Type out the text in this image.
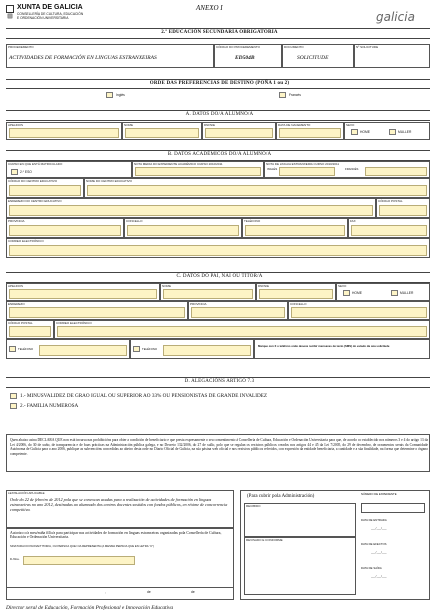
XUNTA DE GALICIA
CONSELLERÍA DE CULTURA, EDUCACIÓN
E ORDENACIÓN UNIVERSITARIA
ANEXO I
galicia
2.º EDUCACIÓN SECUNDARIA OBRIGATORIA
PROCEDEMENTO
ACTIVIDADES DE FORMACIÓN EN LINGUAS ESTRANXEIRAS
CÓDIGO DO PROCEDEMENTO
ED504B
DOCUMENTO
SOLICITUDE
Nº SOLICITUDE
ORDE DAS PREFERENCIAS DE DESTINO (POÑA 1 ou 2)
Inglés	Francés
A. DATOS DO/A ALUMNO/A
APELIDOS	NOME	DNI/NIE	DATA DE NACEMENTO	SEXO
HOME	MULLER
B. DATOS ACADÉMICOS DO/A ALUMNO/A
CURSO EN QUE ESTÁ MATRICULADO
2.º ESO
NOTA MEDIA DO EXPEDIENTE ACADÉMICO CURSO 2010/2011	NOTA DE LINGUA ESTRANXEIRA CURSO 2010/2011
INGLÉS	FRANCÉS
CÓDIGO DO CENTRO EDUCATIVO	NOME DO CENTRO EDUCATIVO
ENDEREZO DO CENTRO EDUCATIVO	CÓDIGO POSTAL
PROVINCIA	CONCELLO	TELÉFONO	FAX
CORREO ELECTRÓNICO
C. DATOS DO PAI, NAI OU TITOR/A
APELIDOS	NOME	DNI/NIE	SEXO
HOME	MULLER
ENDEREZO	PROVINCIA	CONCELLO
CÓDIGO POSTAL	CORREO ELECTRÓNICO
TELÉFONO	TELÉFONO
Marque cun X o teléfono onde desexe recibir mensaxes de texto (SMS) do estado da súa solicitude
D. ALEGACIÓNS ARTIGO 7.3
1.- MINUSVALIDEZ DE GRAO IGUAL OU SUPERIOR AO 33% OU PENSIONISTAS DE GRANDE INVALIDEZ
2.- FAMILIA NUMEROSA
Quen abaixo asina DECLARA QUE non está incursa nas prohibicións para obter a condición de beneficiario e que presta expresamente o seu consentimento á Consellería de Cultura, Educación e Ordenación Universitaria para que, de acordo co establecido nos números 3 e 4 do artigo 13 da Lei 4/2006, do 30 de xuño, de transparencia e de boas prácticas na Administración pública galega, e no Decreto 132/2006, do 27 de xullo, polo que se regulan os rexistros públicos creados nos artigos 44 e 45 da Lei 7/2005, do 29 de decembro, de orzamentos xerais da Comunidade Autónoma de Galicia para o ano 2006, publique as subvencións concedidas ao abeiro desta orde no Diario Oficial de Galicia, na súa páxina web oficial e nos rexistros públicos referidos, con expresión da entidade beneficiaria, a cantidade e a súa finalidade, na forma que determine o órgano competente.
LEXISLACIÓN APLICABLE
Orde do 22 de febreiro de 2012 pola que se convocan axudas para a realización de actividades de formación en linguas estranxeiras no ano 2012, destinadas ao alumnado dos centros docentes sostidos con fondos públicos, en réxime de concorrencia competitiva.
Autorizo o/a meu/miña fillo/a para participar nas actividades de formación en linguas estranxeiras organizadas pola Consellería de Cultura, Educación e Ordenación Universitaria.
SINATURA DO PAI/NAI/TITOR/A, OU PERSOA QUE/ OA REPRESENTA (A MESMA PERSOA QUE EN LETRA “C”)
D./Dna.
,	de	de
(Para cubrir pola Administración)
RECIBIDO
REVISADO E CONFORME
NÚMERO DE EXPEDIENTE
DATA DE ENTRADA
___/___/___
DATA DE EFECTOS
___/___/___
DATA DE SAÍDA
___/___/___
Director xeral de Educación, Formación Profesional e Innovación Educativa
